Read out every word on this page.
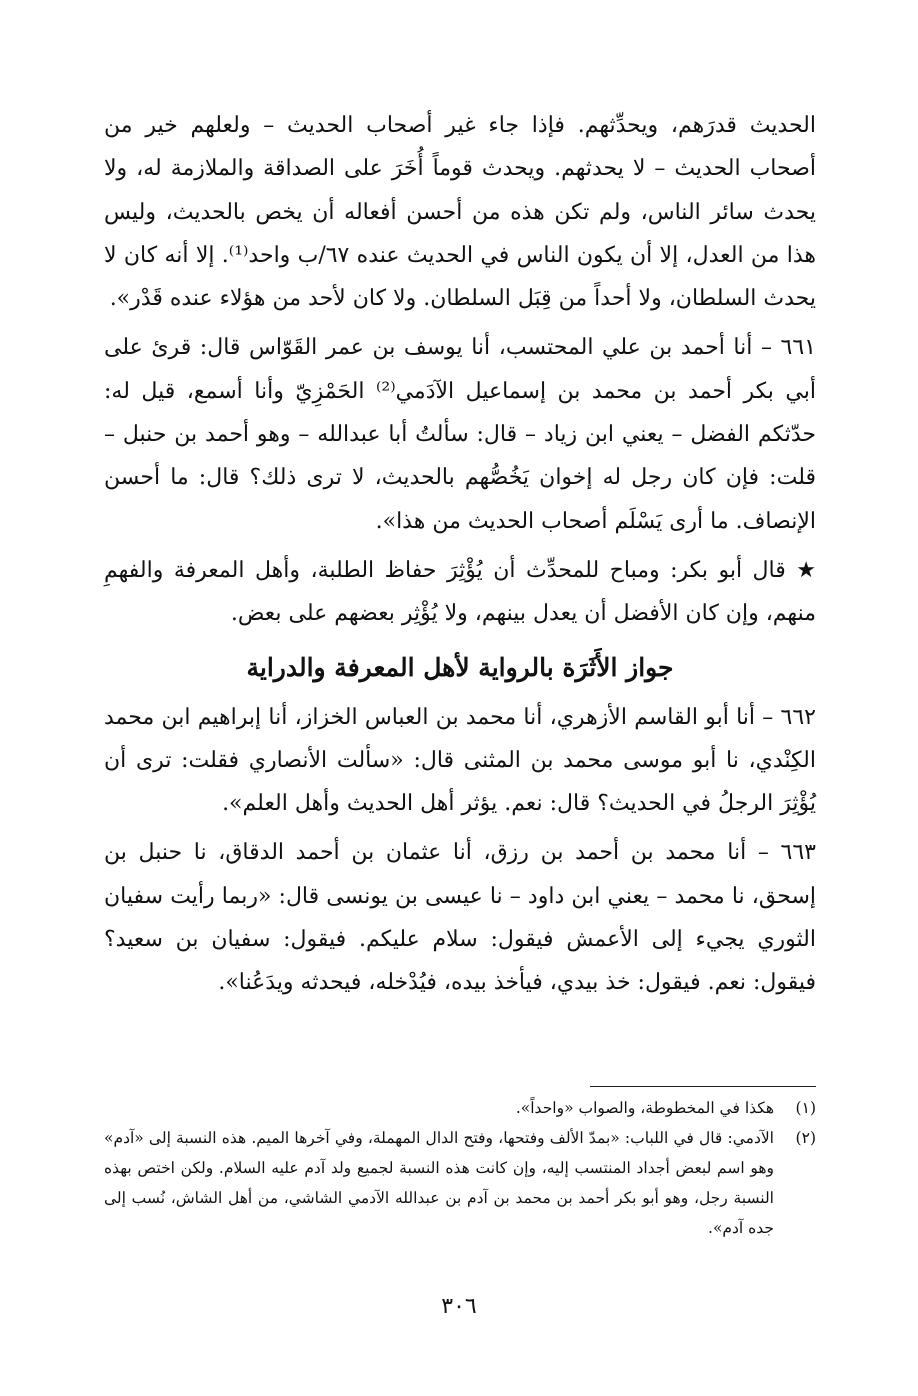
الحديث قدرَهم، ويحدِّثهم. فإذا جاء غير أصحاب الحديث – ولعلهم خير من أصحاب الحديث – لا يحدثهم. ويحدث قوماً أُخَرَ على الصداقة والملازمة له، ولا يحدث سائر الناس، ولم تكن هذه من أحسن أفعاله أن يخص بالحديث، وليس هذا من العدل، إلا أن يكون الناس في الحديث عنده ٦٧/ب واحد⁽¹⁾. إلا أنه كان لا يحدث السلطان، ولا أحداً من قِبَل السلطان. ولا كان لأحد من هؤلاء عنده قَدْر».

٦٦١ – أنا أحمد بن علي المحتسب، أنا يوسف بن عمر القَوّاس قال: قرئ على أبي بكر أحمد بن محمد بن إسماعيل الآدَمي⁽²⁾ الحَمْزِيّ وأنا أسمع، قيل له: حدّثكم الفضل – يعني ابن زياد – قال: سألتُ أبا عبدالله – وهو أحمد بن حنبل – قلت: فإن كان رجل له إخوان يَخُصُّهم بالحديث، لا ترى ذلك؟ قال: ما أحسن الإنصاف. ما أرى يَسْلَم أصحاب الحديث من هذا».

★ قال أبو بكر: ومباح للمحدِّث أن يُؤْثِرَ حفاظ الطلبة، وأهل المعرفة والفهمِ منهم، وإن كان الأفضل أن يعدل بينهم، ولا يُؤْثِر بعضهم على بعض.

جواز الأَثَرَة بالرواية لأهل المعرفة والدراية

٦٦٢ – أنا أبو القاسم الأزهري، أنا محمد بن العباس الخزاز، أنا إبراهيم ابن محمد الكِنْدي، نا أبو موسى محمد بن المثنى قال: «سألت الأنصاري فقلت: ترى أن يُؤْثِرَ الرجلُ في الحديث؟ قال: نعم. يؤثر أهل الحديث وأهل العلم».

٦٦٣ – أنا محمد بن أحمد بن رزق، أنا عثمان بن أحمد الدقاق، نا حنبل بن إسحق، نا محمد – يعني ابن داود – نا عيسى بن يونسى قال: «ربما رأيت سفيان الثوري يجيء إلى الأعمش فيقول: سلام عليكم. فيقول: سفيان بن سعيد؟ فيقول: نعم. فيقول: خذ بيدي، فيأخذ بيده، فيُدْخله، فيحدثه ويدَعُنا».

(١)
هكذا في المخطوطة، والصواب «واحداً».
(٢)
الآدمي: قال في اللباب: «بمدّ الألف وفتحها، وفتح الدال المهملة، وفي آخرها الميم. هذه النسبة إلى «آدم» وهو اسم لبعض أجداد المنتسب إليه، وإن كانت هذه النسبة لجميع ولد آدم عليه السلام. ولكن اختص بهذه النسبة رجل، وهو أبو بكر أحمد بن محمد بن آدم بن عبدالله الآدمي الشاشي، من أهل الشاش، نُسب إلى جده آدم».
٣٠٦
